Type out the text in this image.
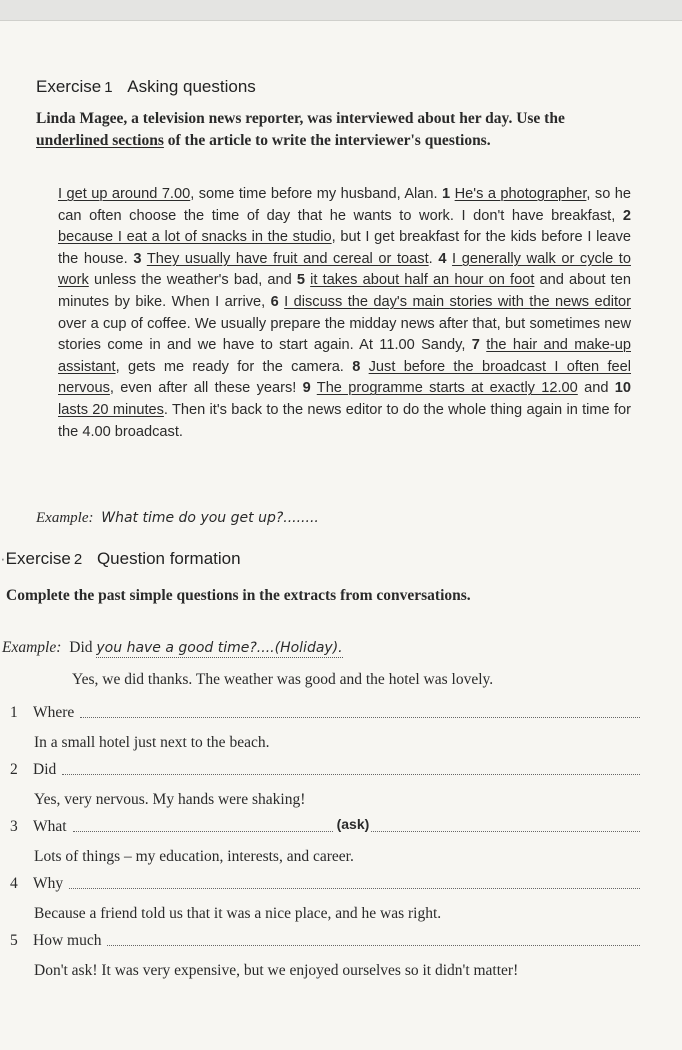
Exercise 1 Asking questions
Linda Magee, a television news reporter, was interviewed about her day. Use the underlined sections of the article to write the interviewer's questions.
I get up around 7.00, some time before my husband, Alan. 1 He's a photographer, so he can often choose the time of day that he wants to work. I don't have breakfast, 2 because I eat a lot of snacks in the studio, but I get breakfast for the kids before I leave the house. 3 They usually have fruit and cereal or toast. 4 I generally walk or cycle to work unless the weather's bad, and 5 it takes about half an hour on foot and about ten minutes by bike. When I arrive, 6 I discuss the day's main stories with the news editor over a cup of coffee. We usually prepare the midday news after that, but sometimes new stories come in and we have to start again. At 11.00 Sandy, 7 the hair and make-up assistant, gets me ready for the camera. 8 Just before the broadcast I often feel nervous, even after all these years! 9 The programme starts at exactly 12.00 and 10 lasts 20 minutes. Then it's back to the news editor to do the whole thing again in time for the 4.00 broadcast.
Example: What time do you get up?........
·Exercise 2 Question formation
Complete the past simple questions in the extracts from conversations.
Example: Did you have a good time?....(Holiday).
Yes, we did thanks. The weather was good and the hotel was lovely.
1 Where
In a small hotel just next to the beach.
2 Did
Yes, very nervous. My hands were shaking!
3 What	(ask)
Lots of things – my education, interests, and career.
4 Why
Because a friend told us that it was a nice place, and he was right.
5 How much
Don't ask! It was very expensive, but we enjoyed ourselves so it didn't matter!
